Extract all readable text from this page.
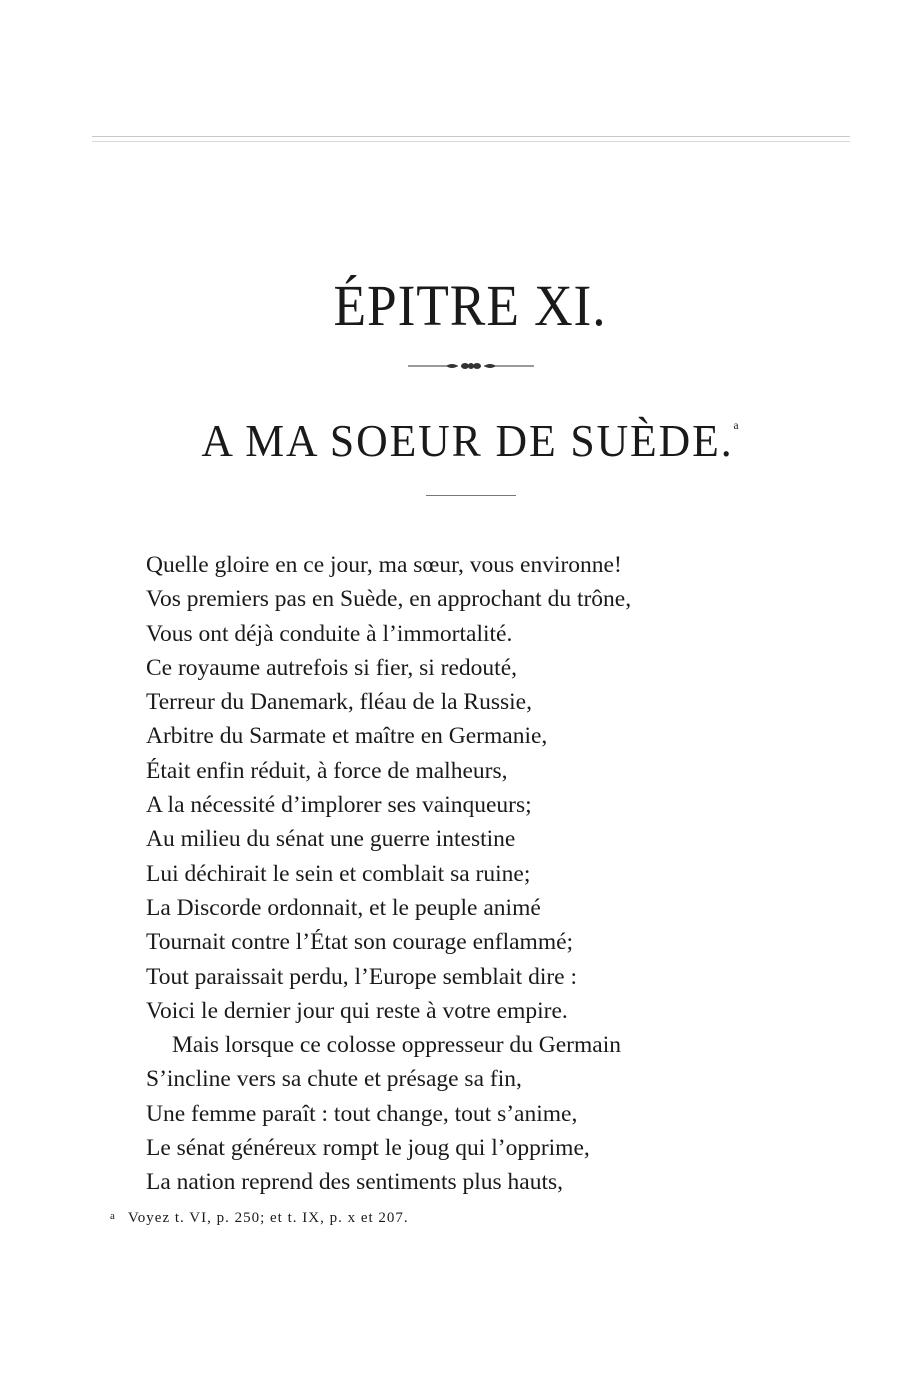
ÉPITRE XI.
A MA SOEUR DE SUÈDE.$^a$
Quelle gloire en ce jour, ma sœur, vous environne!
Vos premiers pas en Suède, en approchant du trône,
Vous ont déjà conduite à l’immortalité.
Ce royaume autrefois si fier, si redouté,
Terreur du Danemark, fléau de la Russie,
Arbitre du Sarmate et maître en Germanie,
Était enfin réduit, à force de malheurs,
A la nécessité d’implorer ses vainqueurs;
Au milieu du sénat une guerre intestine
Lui déchirait le sein et comblait sa ruine;
La Discorde ordonnait, et le peuple animé
Tournait contre l’État son courage enflammé;
Tout paraissait perdu, l’Europe semblait dire :
Voici le dernier jour qui reste à votre empire.
Mais lorsque ce colosse oppresseur du Germain
S’incline vers sa chute et présage sa fin,
Une femme paraît : tout change, tout s’anime,
Le sénat généreux rompt le joug qui l’opprime,
La nation reprend des sentiments plus hauts,
$^a$ Voyez t. VI, p. 250; et t. IX, p. x et 207.
